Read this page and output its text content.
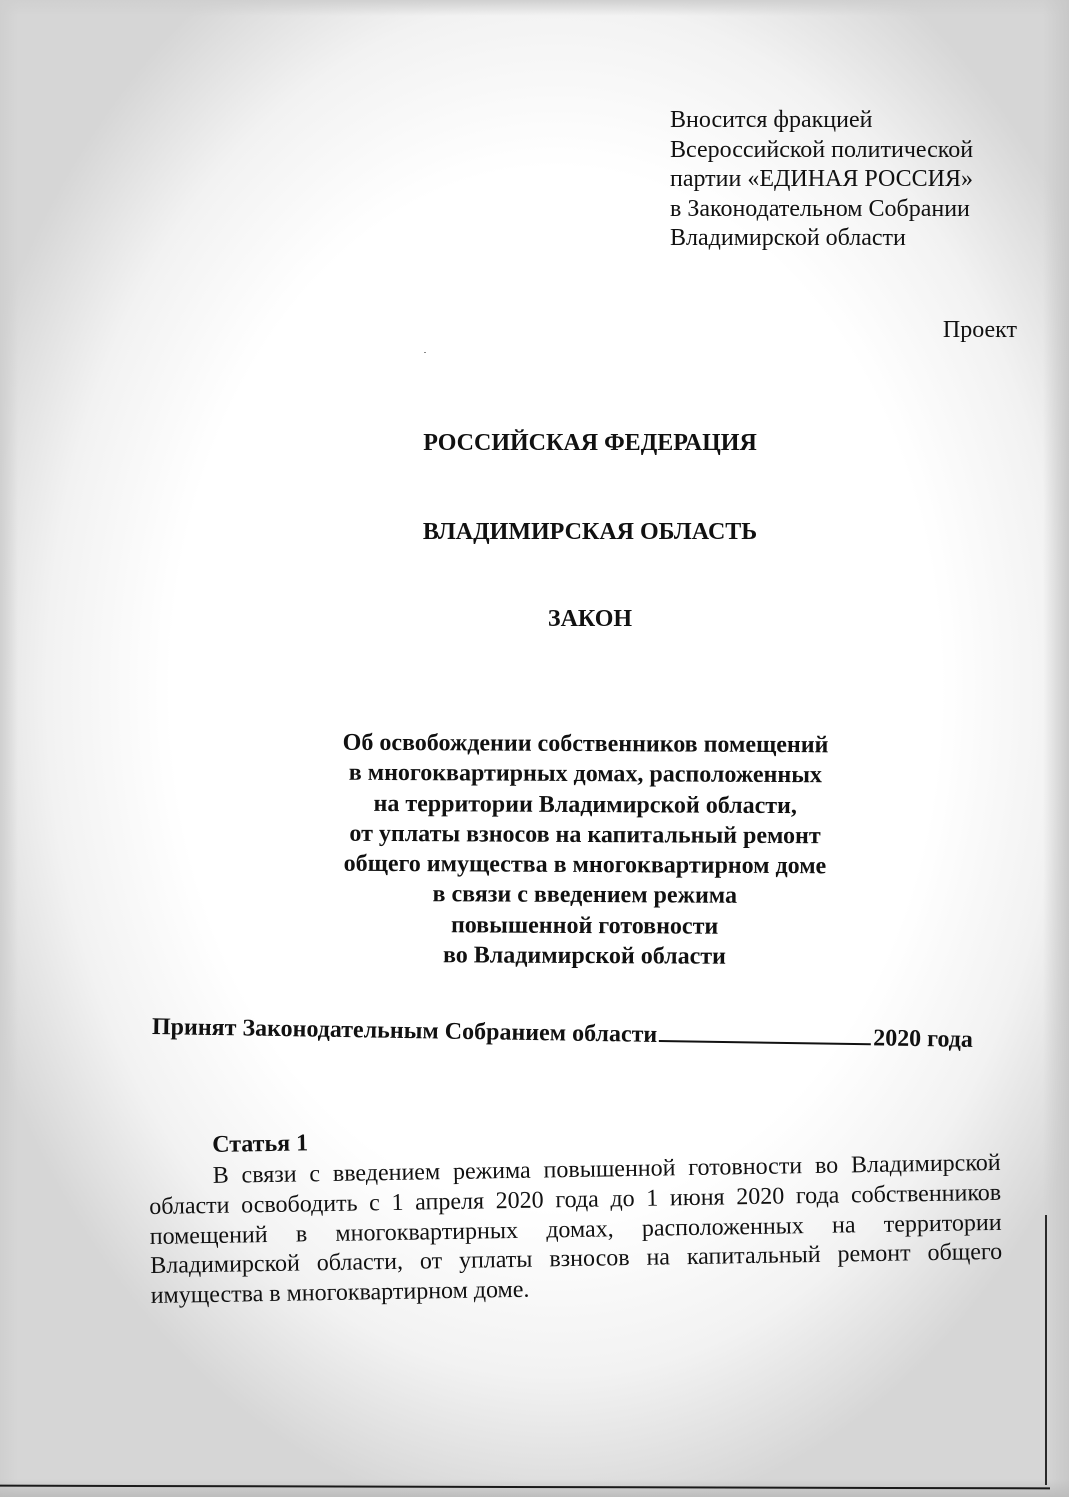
Вносится фракцией
Всероссийской политической
партии «ЕДИНАЯ РОССИЯ»
в Законодательном Собрании
Владимирской области
Проект
РОССИЙСКАЯ ФЕДЕРАЦИЯ
ВЛАДИМИРСКАЯ ОБЛАСТЬ
ЗАКОН
Об освобождении собственников помещений
в многоквартирных домах, расположенных
на территории Владимирской области,
от уплаты взносов на капитальный ремонт
общего имущества в многоквартирном доме
в связи с введением режима
повышенной готовности
во Владимирской области
Принят Законодательным Собранием области	2020 года
Статья 1
В связи с введением режима повышенной готовности во Владимирской
области освободить с 1 апреля 2020 года до 1 июня 2020 года собственников
помещений в многоквартирных домах, расположенных на территории
Владимирской области, от уплаты взносов на капитальный ремонт общего
имущества в многоквартирном доме.
